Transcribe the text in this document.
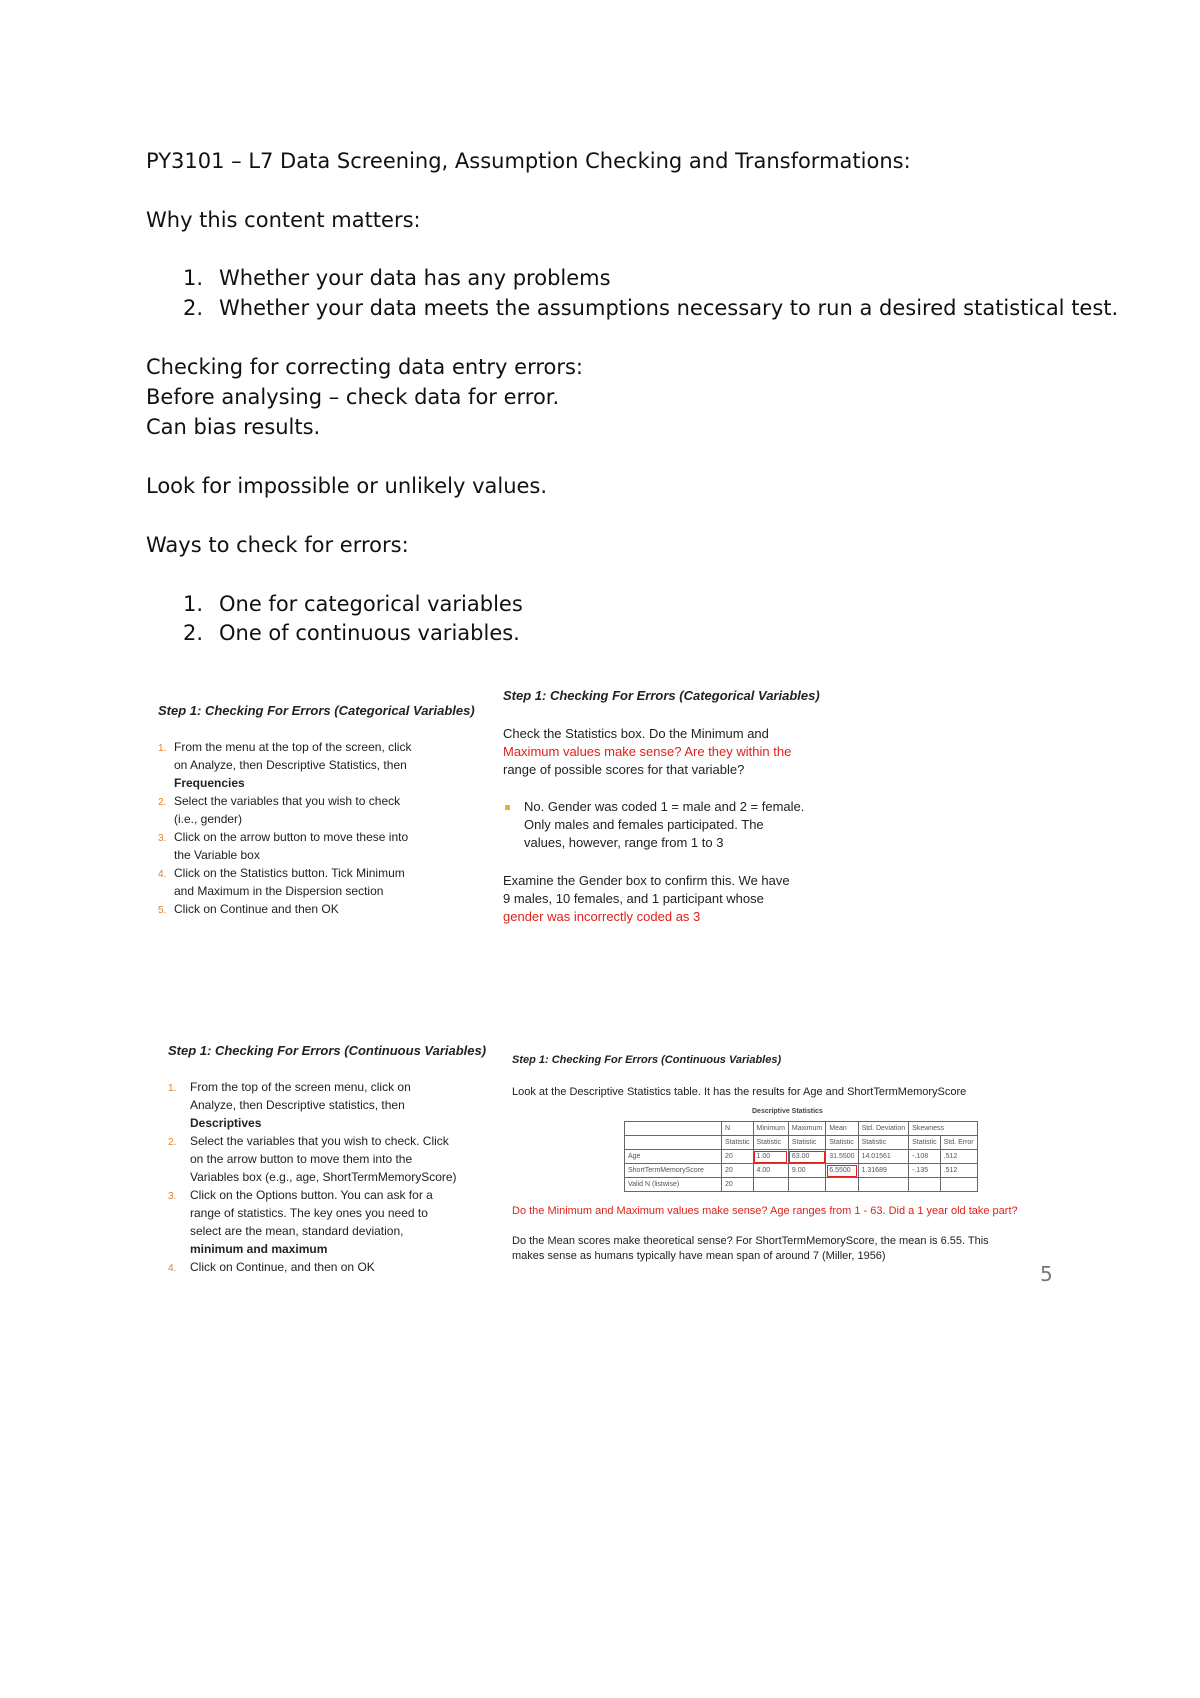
PY3101 – L7 Data Screening, Assumption Checking and Transformations:
Why this content matters:
1. Whether your data has any problems
2. Whether your data meets the assumptions necessary to run a desired statistical test.
Checking for correcting data entry errors:
Before analysing – check data for error.
Can bias results.
Look for impossible or unlikely values.
Ways to check for errors:
1. One for categorical variables
2. One of continuous variables.
Step 1: Checking For Errors (Categorical Variables)
1. From the menu at the top of the screen, click
on Analyze, then Descriptive Statistics, then
Frequencies
2. Select the variables that you wish to check
(i.e., gender)
3. Click on the arrow button to move these into
the Variable box
4. Click on the Statistics button. Tick Minimum
and Maximum in the Dispersion section
5. Click on Continue and then OK
Step 1: Checking For Errors (Categorical Variables)
Check the Statistics box. Do the Minimum and
Maximum values make sense? Are they within the
range of possible scores for that variable?
No. Gender was coded 1 = male and 2 = female.
Only males and females participated. The
values, however, range from 1 to 3
Examine the Gender box to confirm this. We have
9 males, 10 females, and 1 participant whose
gender was incorrectly coded as 3
Step 1: Checking For Errors (Continuous Variables)
1. From the top of the screen menu, click on
Analyze, then Descriptive statistics, then
Descriptives
2. Select the variables that you wish to check. Click
on the arrow button to move them into the
Variables box (e.g., age, ShortTermMemoryScore)
3. Click on the Options button. You can ask for a
range of statistics. The key ones you need to
select are the mean, standard deviation,
minimum and maximum
4. Click on Continue, and then on OK
Step 1: Checking For Errors (Continuous Variables)
Look at the Descriptive Statistics table. It has the results for Age and ShortTermMemoryScore
Descriptive Statistics
	N	Minimum	Maximum	Mean	Std. Deviation	Skewness	
	Statistic	Statistic	Statistic	Statistic	Statistic	Statistic	Std. Error
Age	20	1.00	63.00	31.5500	14.01561	-.108	.512
ShortTermMemoryScore	20	4.00	9.00	6.5500	1.31689	-.135	.512
Valid N (listwise)	20						
Do the Minimum and Maximum values make sense? Age ranges from 1 - 63. Did a 1 year old take part?
Do the Mean scores make theoretical sense? For ShortTermMemoryScore, the mean is 6.55. This
makes sense as humans typically have mean span of around 7 (Miller, 1956)
5
